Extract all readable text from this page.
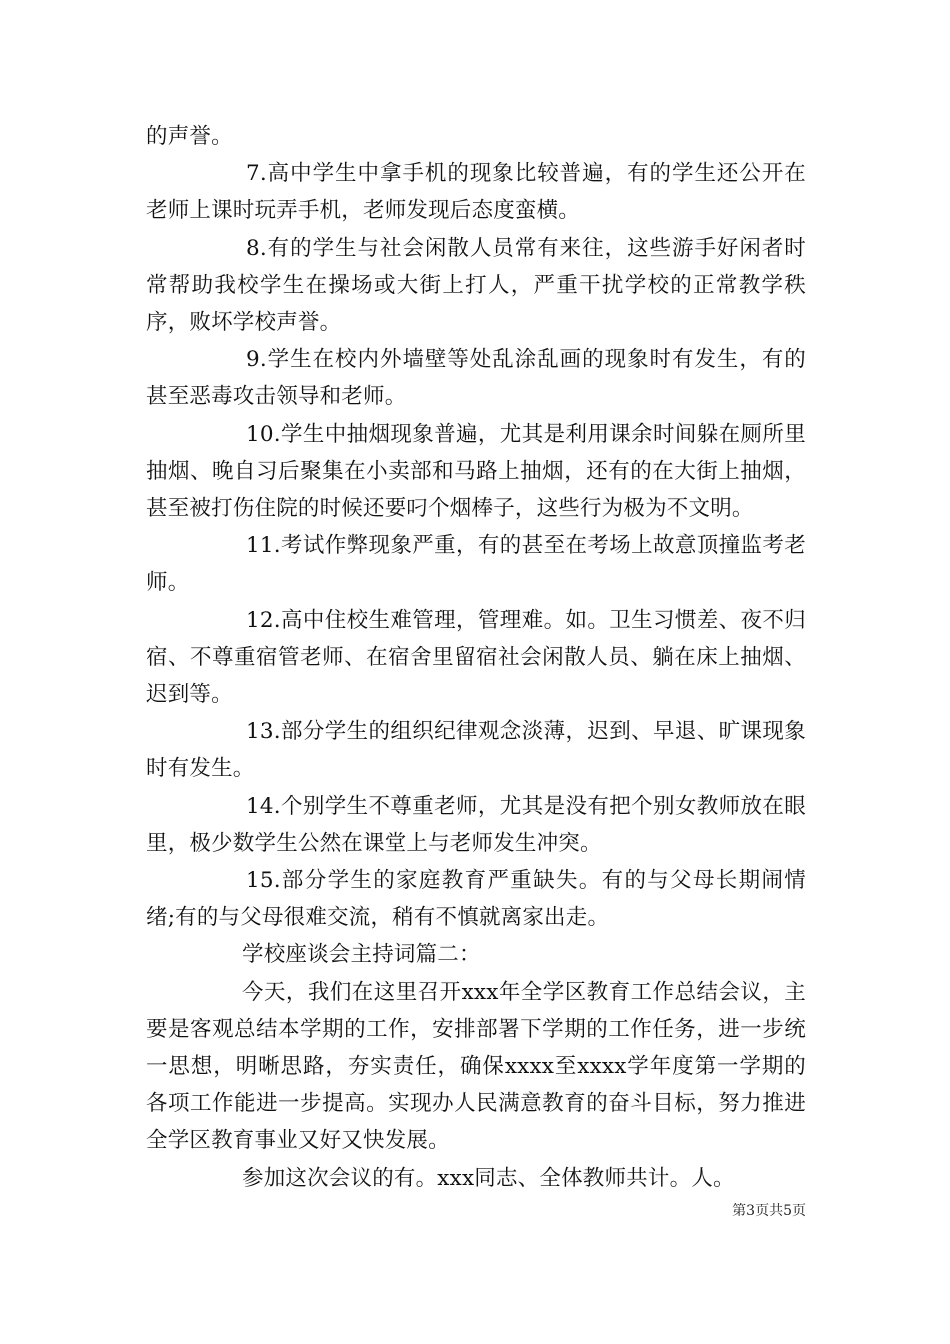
的声誉。

7.高中学生中拿手机的现象比较普遍，有的学生还公开在老师上课时玩弄手机，老师发现后态度蛮横。

8.有的学生与社会闲散人员常有来往，这些游手好闲者时常帮助我校学生在操场或大街上打人，严重干扰学校的正常教学秩序，败坏学校声誉。

9.学生在校内外墙壁等处乱涂乱画的现象时有发生，有的甚至恶毒攻击领导和老师。

10.学生中抽烟现象普遍，尤其是利用课余时间躲在厕所里抽烟、晚自习后聚集在小卖部和马路上抽烟，还有的在大街上抽烟，甚至被打伤住院的时候还要叼个烟棒子，这些行为极为不文明。

11.考试作弊现象严重，有的甚至在考场上故意顶撞监考老师。

12.高中住校生难管理，管理难。如。卫生习惯差、夜不归宿、不尊重宿管老师、在宿舍里留宿社会闲散人员、躺在床上抽烟、迟到等。

13.部分学生的组织纪律观念淡薄，迟到、早退、旷课现象时有发生。

14.个别学生不尊重老师，尤其是没有把个别女教师放在眼里，极少数学生公然在课堂上与老师发生冲突。

15.部分学生的家庭教育严重缺失。有的与父母长期闹情绪;有的与父母很难交流，稍有不慎就离家出走。

学校座谈会主持词篇二：

今天，我们在这里召开xxx年全学区教育工作总结会议，主要是客观总结本学期的工作，安排部署下学期的工作任务，进一步统一思想，明晰思路，夯实责任，确保xxxx至xxxx学年度第一学期的各项工作能进一步提高。实现办人民满意教育的奋斗目标，努力推进全学区教育事业又好又快发展。

参加这次会议的有。xxx同志、全体教师共计。人。

第3页共5页
